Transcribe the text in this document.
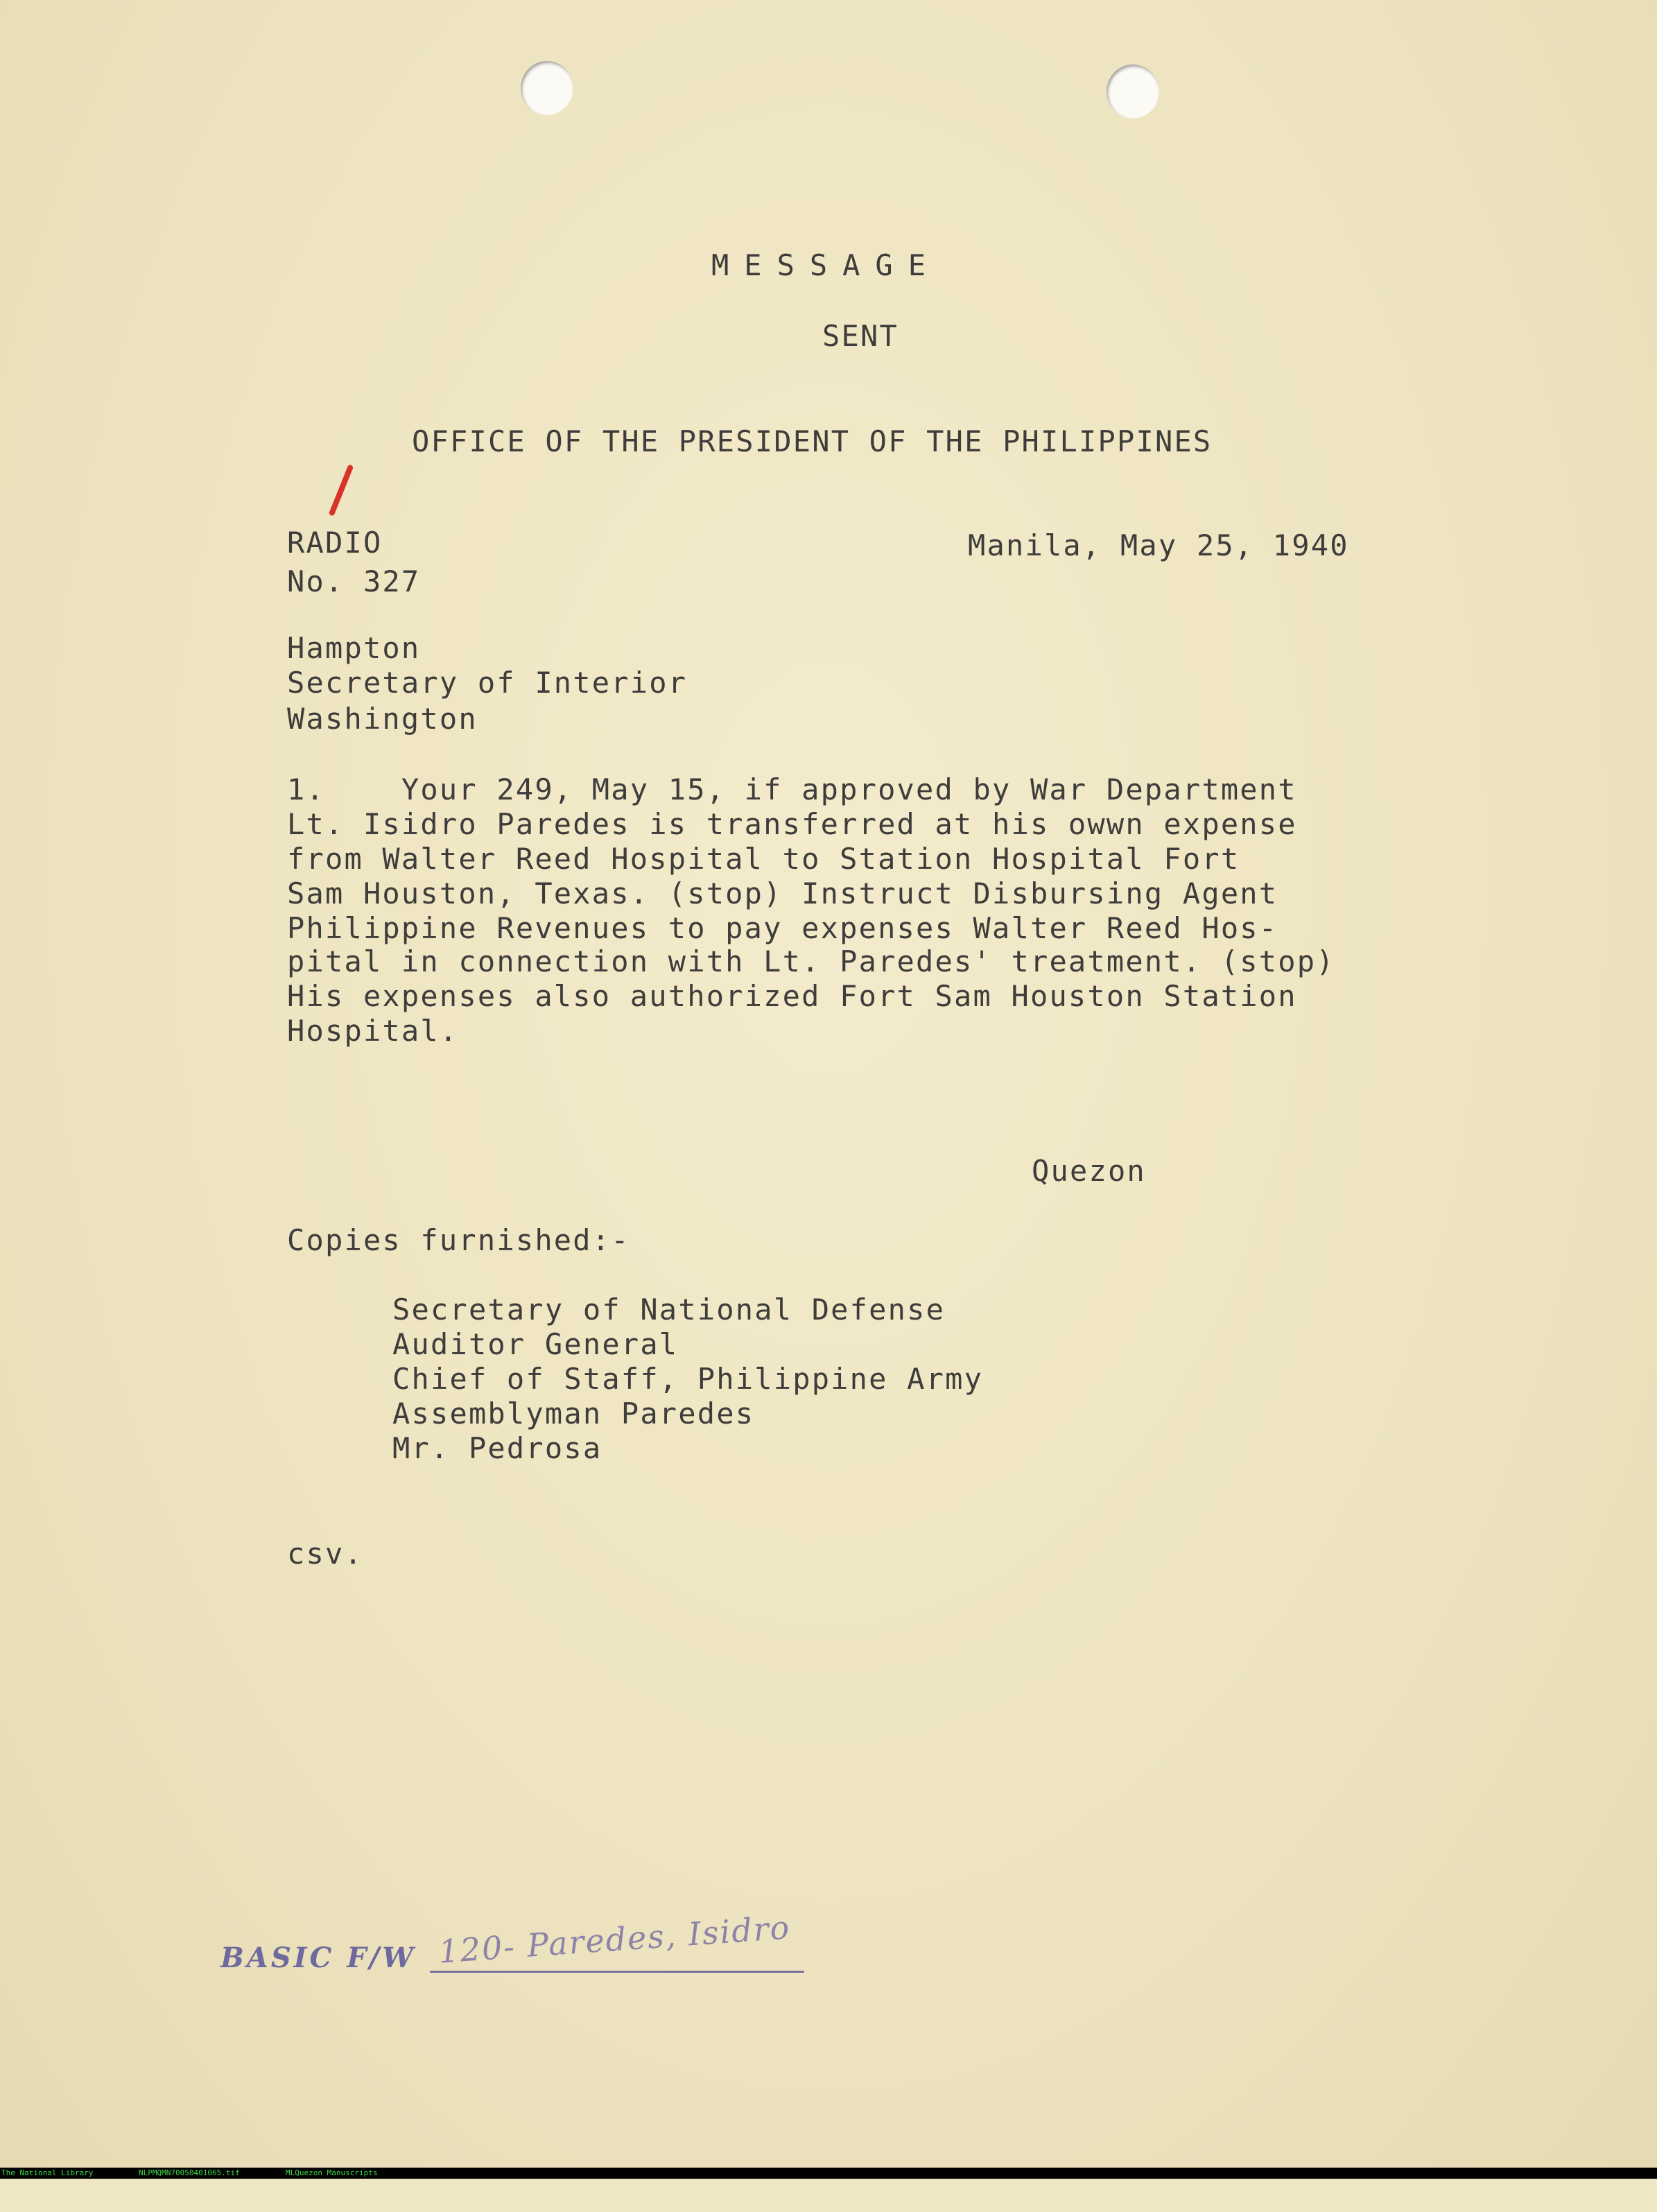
MESSAGE
SENT
OFFICE OF THE PRESIDENT OF THE PHILIPPINES
RADIO
No. 327
Manila, May 25, 1940
Hampton
Secretary of Interior
Washington
1.    Your 249, May 15, if approved by War Department
Lt. Isidro Paredes is transferred at his owwn expense
from Walter Reed Hospital to Station Hospital Fort
Sam Houston, Texas. (stop) Instruct Disbursing Agent
Philippine Revenues to pay expenses Walter Reed Hos-
pital in connection with Lt. Paredes' treatment. (stop)
His expenses also authorized Fort Sam Houston Station
Hospital.
Quezon
Copies furnished:-
Secretary of National Defense
Auditor General
Chief of Staff, Philippine Army
Assemblyman Paredes
Mr. Pedrosa
csv.
BASIC F/W 120- Paredes, Isidro

The National Library

	NLPMQMN70050401065.tif

	MLQuezon Manuscripts
